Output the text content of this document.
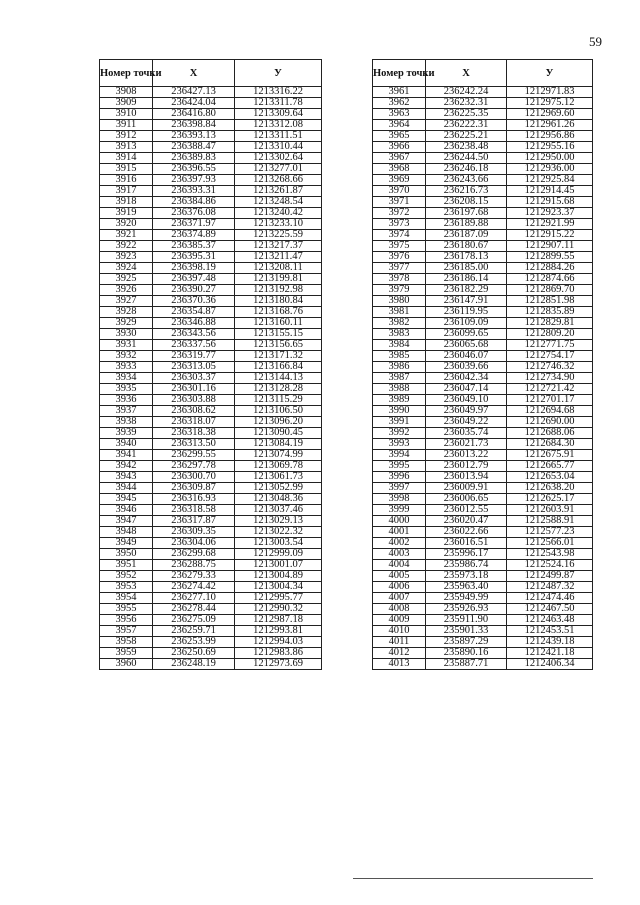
59
Номер точки	X	У
3908	236427.13	1213316.22
3909	236424.04	1213311.78
3910	236416.80	1213309.64
3911	236398.84	1213312.08
3912	236393.13	1213311.51
3913	236388.47	1213310.44
3914	236389.83	1213302.64
3915	236396.55	1213277.01
3916	236397.93	1213268.66
3917	236393.31	1213261.87
3918	236384.86	1213248.54
3919	236376.08	1213240.42
3920	236371.97	1213233.10
3921	236374.89	1213225.59
3922	236385.37	1213217.37
3923	236395.31	1213211.47
3924	236398.19	1213208.11
3925	236397.48	1213199.81
3926	236390.27	1213192.98
3927	236370.36	1213180.84
3928	236354.87	1213168.76
3929	236346.88	1213160.11
3930	236343.56	1213155.15
3931	236337.56	1213156.65
3932	236319.77	1213171.32
3933	236313.05	1213166.84
3934	236303.37	1213144.13
3935	236301.16	1213128.28
3936	236303.88	1213115.29
3937	236308.62	1213106.50
3938	236318.07	1213096.20
3939	236318.38	1213090.45
3940	236313.50	1213084.19
3941	236299.55	1213074.99
3942	236297.78	1213069.78
3943	236300.70	1213061.73
3944	236309.87	1213052.99
3945	236316.93	1213048.36
3946	236318.58	1213037.46
3947	236317.87	1213029.13
3948	236309.35	1213022.32
3949	236304.06	1213003.54
3950	236299.68	1212999.09
3951	236288.75	1213001.07
3952	236279.33	1213004.89
3953	236274.42	1213004.34
3954	236277.10	1212995.77
3955	236278.44	1212990.32
3956	236275.09	1212987.18
3957	236259.71	1212993.81
3958	236253.99	1212994.03
3959	236250.69	1212983.86
3960	236248.19	1212973.69
Номер точки	X	У
3961	236242.24	1212971.83
3962	236232.31	1212975.12
3963	236225.35	1212969.60
3964	236222.31	1212961.26
3965	236225.21	1212956.86
3966	236238.48	1212955.16
3967	236244.50	1212950.00
3968	236246.18	1212936.00
3969	236243.66	1212925.84
3970	236216.73	1212914.45
3971	236208.15	1212915.68
3972	236197.68	1212923.37
3973	236189.88	1212921.99
3974	236187.09	1212915.22
3975	236180.67	1212907.11
3976	236178.13	1212899.55
3977	236185.00	1212884.26
3978	236186.14	1212874.66
3979	236182.29	1212869.70
3980	236147.91	1212851.98
3981	236119.95	1212835.89
3982	236109.09	1212829.81
3983	236099.65	1212809.20
3984	236065.68	1212771.75
3985	236046.07	1212754.17
3986	236039.66	1212746.32
3987	236042.34	1212734.90
3988	236047.14	1212721.42
3989	236049.10	1212701.17
3990	236049.97	1212694.68
3991	236049.22	1212690.00
3992	236035.74	1212688.06
3993	236021.73	1212684.30
3994	236013.22	1212675.91
3995	236012.79	1212665.77
3996	236013.94	1212653.04
3997	236009.91	1212638.20
3998	236006.65	1212625.17
3999	236012.55	1212603.91
4000	236020.47	1212588.91
4001	236022.66	1212577.23
4002	236016.51	1212566.01
4003	235996.17	1212543.98
4004	235986.74	1212524.16
4005	235973.18	1212499.87
4006	235963.40	1212487.32
4007	235949.99	1212474.46
4008	235926.93	1212467.50
4009	235911.90	1212463.48
4010	235901.33	1212453.51
4011	235897.29	1212439.18
4012	235890.16	1212421.18
4013	235887.71	1212406.34
